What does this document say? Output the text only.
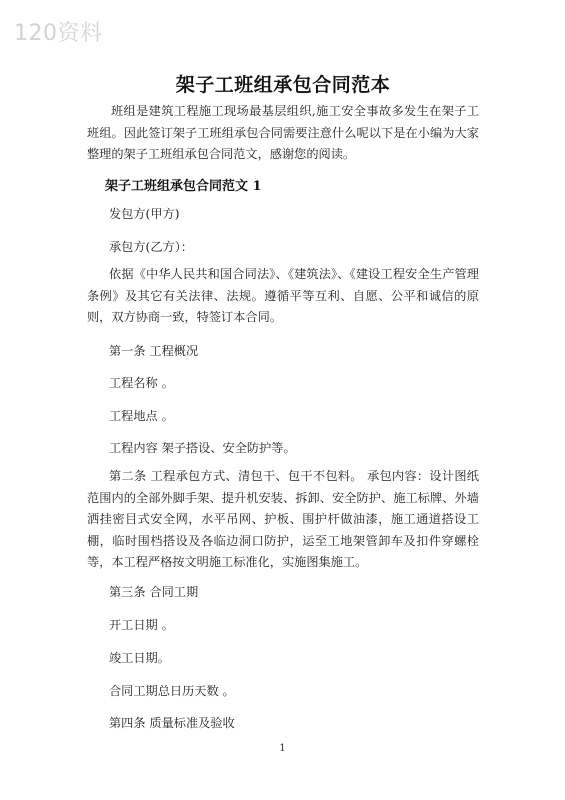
120资料
架子工班组承包合同范本
班组是建筑工程施工现场最基层组织,施工安全事故多发生在架子工班组。因此签订架子工班组承包合同需要注意什么呢以下是在小编为大家整理的架子工班组承包合同范文，感谢您的阅读。
架子工班组承包合同范文 1
发包方(甲方)
承包方(乙方）：
依据《中华人民共和国合同法》、《建筑法》、《建设工程安全生产管理条例》及其它有关法律、法规。遵循平等互利、自愿、公平和诚信的原则，双方协商一致，特签订本合同。
第一条 工程概况
工程名称 。
工程地点 。
工程内容 架子搭设、安全防护等。
第二条 工程承包方式、清包干、包干不包料。 承包内容：设计图纸范围内的全部外脚手架、提升机安装、拆卸、安全防护、施工标牌、外墙洒挂密目式安全网，水平吊网、护板、围护杆做油漆，施工通道搭设工棚，临时围档搭设及各临边洞口防护，运至工地架管卸车及扣件穿螺栓等，本工程严格按文明施工标准化，实施图集施工。
第三条 合同工期
开工日期 。
竣工日期。
合同工期总日历天数 。
第四条 质量标准及验收
1
